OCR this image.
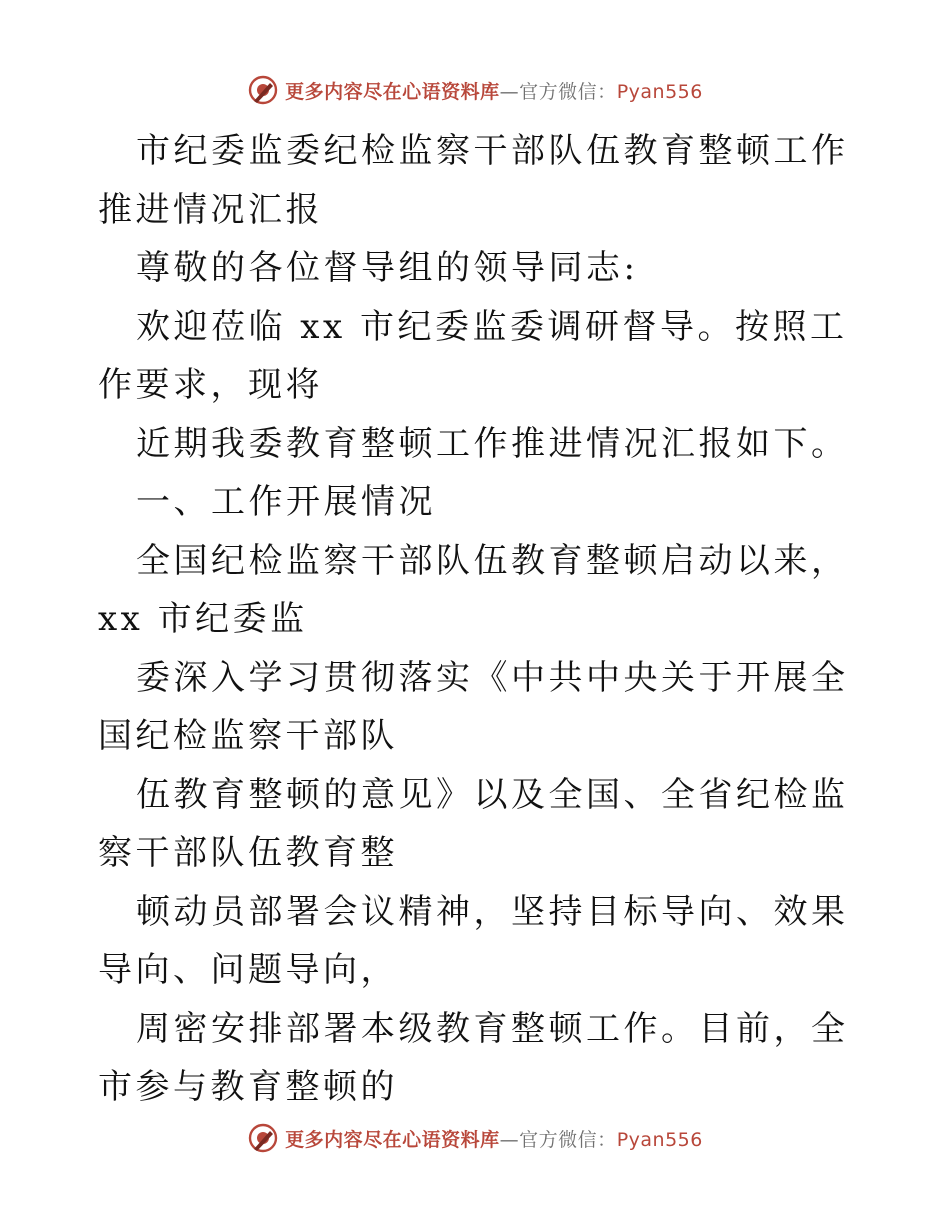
更多内容尽在心语资料库—官方微信：Pyan556

市纪委监委纪检监察干部队伍教育整顿工作推进情况汇报

尊敬的各位督导组的领导同志:

欢迎莅临 xx 市纪委监委调研督导。按照工作要求，现将

近期我委教育整顿工作推进情况汇报如下。

一、工作开展情况

全国纪检监察干部队伍教育整顿启动以来，xx 市纪委监

委深入学习贯彻落实《中共中央关于开展全国纪检监察干部队

伍教育整顿的意见》以及全国、全省纪检监察干部队伍教育整

顿动员部署会议精神，坚持目标导向、效果导向、问题导向，

周密安排部署本级教育整顿工作。目前，全市参与教育整顿的

更多内容尽在心语资料库—官方微信：Pyan556
